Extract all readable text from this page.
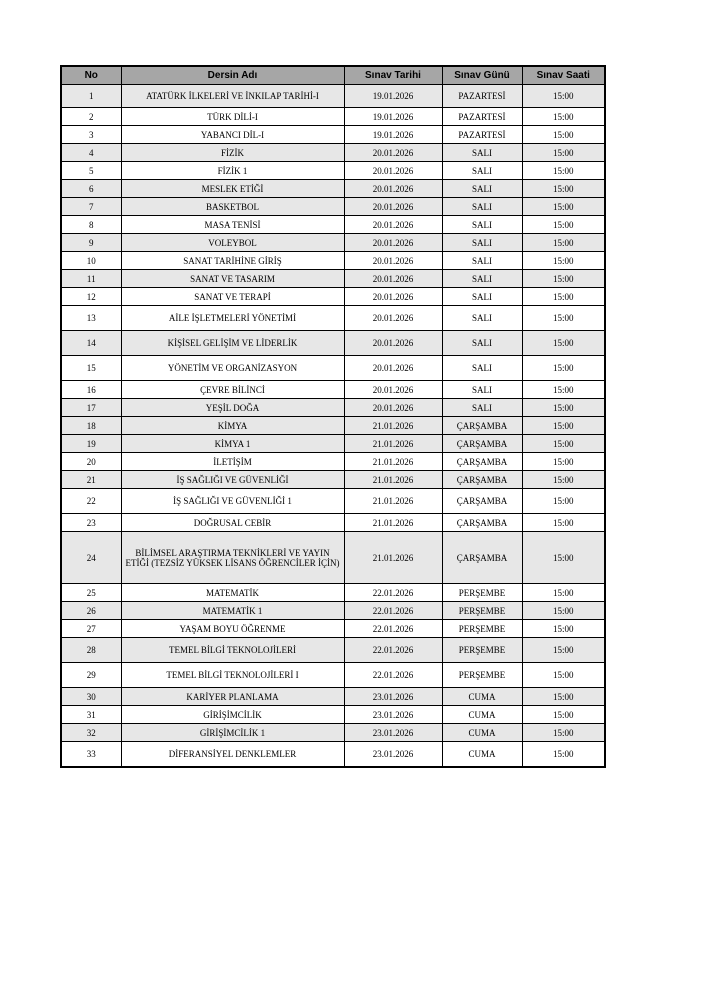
No	Dersin Adı	Sınav Tarihi	Sınav Günü	Sınav Saati
1	ATATÜRK İLKELERİ VE İNKILAP TARİHİ-I	19.01.2026	PAZARTESİ	15:00
2	TÜRK DİLİ-I	19.01.2026	PAZARTESİ	15:00
3	YABANCI DİL-I	19.01.2026	PAZARTESİ	15:00
4	FİZİK	20.01.2026	SALI	15:00
5	FİZİK 1	20.01.2026	SALI	15:00
6	MESLEK ETİĞİ	20.01.2026	SALI	15:00
7	BASKETBOL	20.01.2026	SALI	15:00
8	MASA TENİSİ	20.01.2026	SALI	15:00
9	VOLEYBOL	20.01.2026	SALI	15:00
10	SANAT TARİHİNE GİRİŞ	20.01.2026	SALI	15:00
11	SANAT VE TASARIM	20.01.2026	SALI	15:00
12	SANAT VE TERAPİ	20.01.2026	SALI	15:00
13	AİLE İŞLETMELERİ YÖNETİMİ	20.01.2026	SALI	15:00
14	KİŞİSEL GELİŞİM VE LİDERLİK	20.01.2026	SALI	15:00
15	YÖNETİM VE ORGANİZASYON	20.01.2026	SALI	15:00
16	ÇEVRE BİLİNCİ	20.01.2026	SALI	15:00
17	YEŞİL DOĞA	20.01.2026	SALI	15:00
18	KİMYA	21.01.2026	ÇARŞAMBA	15:00
19	KİMYA 1	21.01.2026	ÇARŞAMBA	15:00
20	İLETİŞİM	21.01.2026	ÇARŞAMBA	15:00
21	İŞ SAĞLIĞI VE GÜVENLİĞİ	21.01.2026	ÇARŞAMBA	15:00
22	İŞ SAĞLIĞI VE GÜVENLİĞİ 1	21.01.2026	ÇARŞAMBA	15:00
23	DOĞRUSAL CEBİR	21.01.2026	ÇARŞAMBA	15:00
24	BİLİMSEL ARAŞTIRMA TEKNİKLERİ VE YAYIN ETİĞİ (TEZSİZ YÜKSEK LİSANS ÖĞRENCİLER İÇİN)	21.01.2026	ÇARŞAMBA	15:00
25	MATEMATİK	22.01.2026	PERŞEMBE	15:00
26	MATEMATİK 1	22.01.2026	PERŞEMBE	15:00
27	YAŞAM BOYU ÖĞRENME	22.01.2026	PERŞEMBE	15:00
28	TEMEL BİLGİ TEKNOLOJİLERİ	22.01.2026	PERŞEMBE	15:00
29	TEMEL BİLGİ TEKNOLOJİLERİ I	22.01.2026	PERŞEMBE	15:00
30	KARİYER PLANLAMA	23.01.2026	CUMA	15:00
31	GİRİŞİMCİLİK	23.01.2026	CUMA	15:00
32	GİRİŞİMCİLİK 1	23.01.2026	CUMA	15:00
33	DİFERANSİYEL DENKLEMLER	23.01.2026	CUMA	15:00
